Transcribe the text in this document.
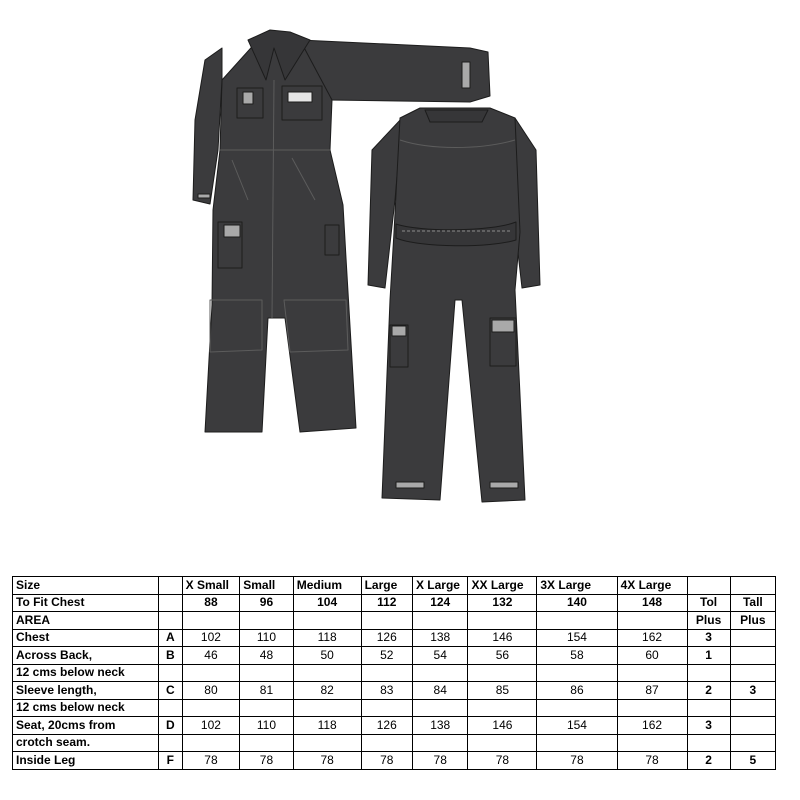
Size		X Small	Small	Medium	Large	X Large	XX Large	3X Large	4X Large		
To Fit Chest		88	96	104	112	124	132	140	148	Tol	Tall
AREA										Plus	Plus
Chest	A	102	110	118	126	138	146	154	162	3	
Across Back,	B	46	48	50	52	54	56	58	60	1	
12 cms below neck											
Sleeve length,	C	80	81	82	83	84	85	86	87	2	3
12 cms below neck											
Seat, 20cms from	D	102	110	118	126	138	146	154	162	3	
crotch seam.											
Inside Leg	F	78	78	78	78	78	78	78	78	2	5
